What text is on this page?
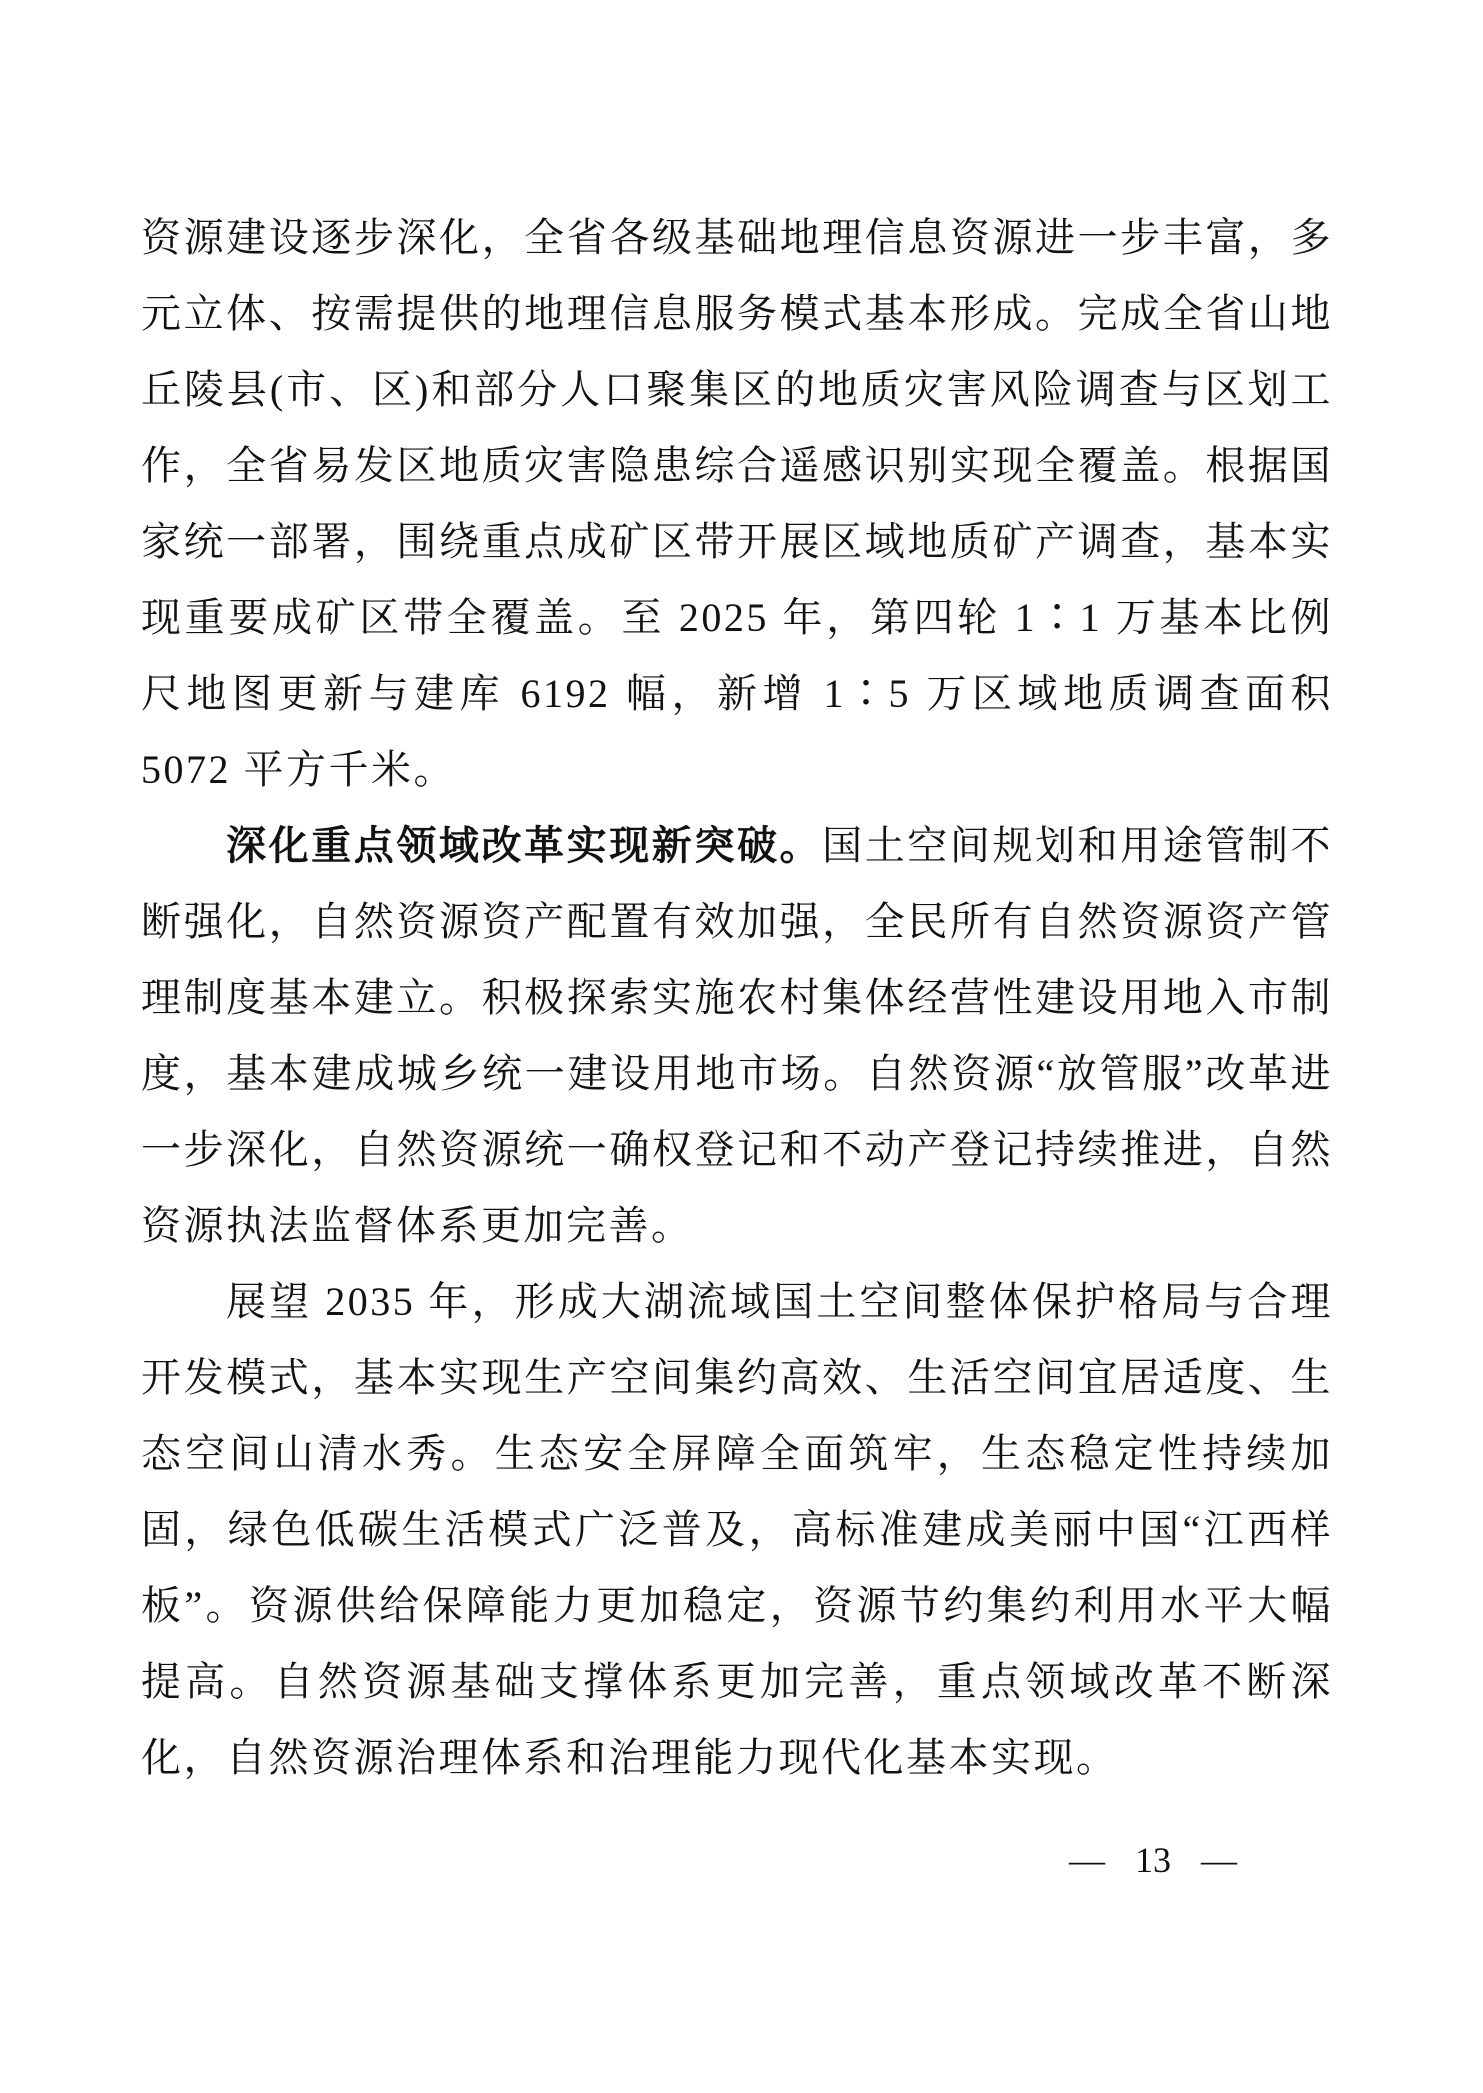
资源建设逐步深化，全省各级基础地理信息资源进一步丰富，多元立体、按需提供的地理信息服务模式基本形成。完成全省山地丘陵县(市、区)和部分人口聚集区的地质灾害风险调查与区划工作，全省易发区地质灾害隐患综合遥感识别实现全覆盖。根据国家统一部署，围绕重点成矿区带开展区域地质矿产调查，基本实现重要成矿区带全覆盖。至 2025 年，第四轮 1∶1 万基本比例尺地图更新与建库 6192 幅，新增 1∶5 万区域地质调查面积 5072 平方千米。

深化重点领域改革实现新突破。国土空间规划和用途管制不断强化，自然资源资产配置有效加强，全民所有自然资源资产管理制度基本建立。积极探索实施农村集体经营性建设用地入市制度，基本建成城乡统一建设用地市场。自然资源“放管服”改革进一步深化，自然资源统一确权登记和不动产登记持续推进，自然资源执法监督体系更加完善。

展望 2035 年，形成大湖流域国土空间整体保护格局与合理开发模式，基本实现生产空间集约高效、生活空间宜居适度、生态空间山清水秀。生态安全屏障全面筑牢，生态稳定性持续加固，绿色低碳生活模式广泛普及，高标准建成美丽中国“江西样板”。资源供给保障能力更加稳定，资源节约集约利用水平大幅提高。自然资源基础支撑体系更加完善，重点领域改革不断深化，自然资源治理体系和治理能力现代化基本实现。

— 13 —
